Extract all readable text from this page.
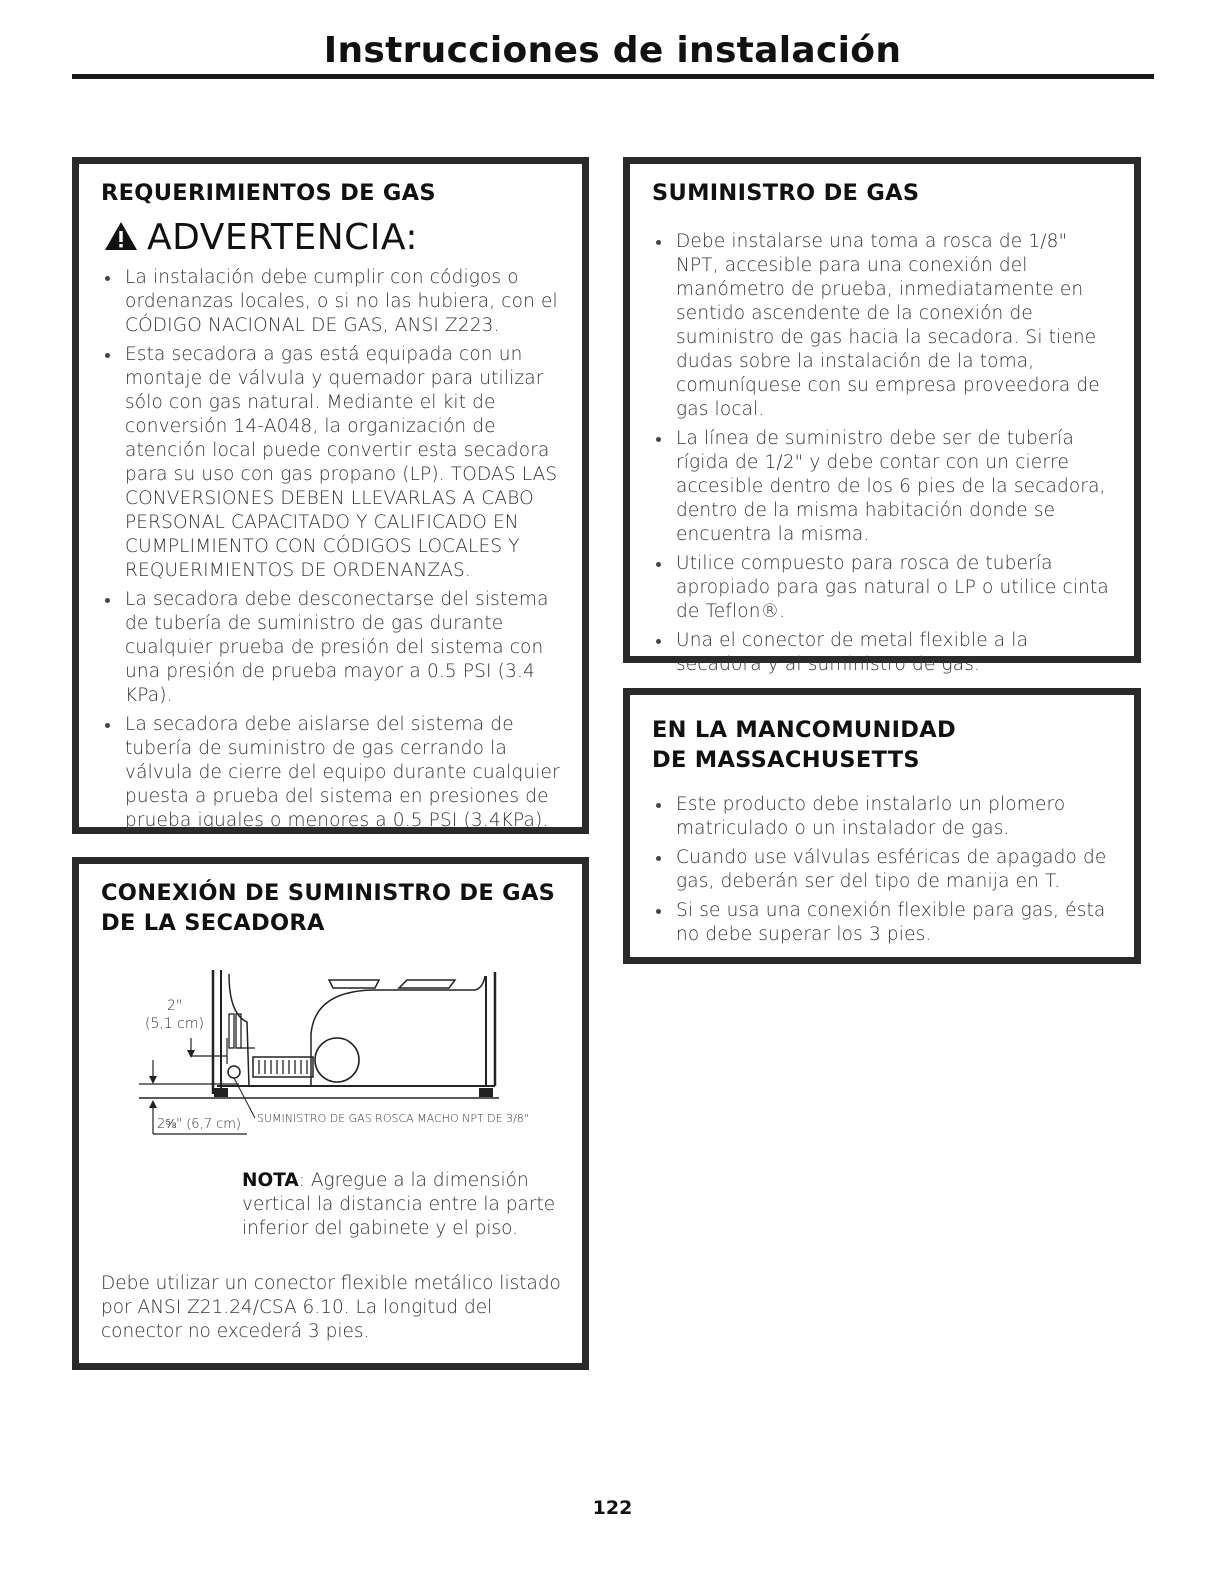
Instrucciones de instalación
REQUERIMIENTOS DE GAS
ADVERTENCIA:
La instalación debe cumplir con códigos o ordenanzas locales, o si no las hubiera, con el CÓDIGO NACIONAL DE GAS, ANSI Z223.
Esta secadora a gas está equipada con un montaje de válvula y quemador para utilizar sólo con gas natural. Mediante el kit de conversión 14-A048, la organización de atención local puede convertir esta secadora para su uso con gas propano (LP). TODAS LAS CONVERSIONES DEBEN LLEVARLAS A CABO PERSONAL CAPACITADO Y CALIFICADO EN CUMPLIMIENTO CON CÓDIGOS LOCALES Y REQUERIMIENTOS DE ORDENANZAS.
La secadora debe desconectarse del sistema de tubería de suministro de gas durante cualquier prueba de presión del sistema con una presión de prueba mayor a 0.5 PSI (3.4 KPa).
La secadora debe aislarse del sistema de tubería de suministro de gas cerrando la válvula de cierre del equipo durante cualquier puesta a prueba del sistema en presiones de prueba iguales o menores a 0.5 PSI (3.4KPa).
CONEXIÓN DE SUMINISTRO DE GAS
DE LA SECADORA
2"
(5,1 cm)
2⅝" (6,7 cm) SUMINISTRO DE GAS ROSCA MACHO NPT DE 3/8"
NOTA: Agregue a la dimensión vertical la distancia entre la parte inferior del gabinete y el piso.
Debe utilizar un conector flexible metálico listado por ANSI Z21.24/CSA 6.10. La longitud del conector no excederá 3 pies.
SUMINISTRO DE GAS
Debe instalarse una toma a rosca de 1/8" NPT, accesible para una conexión del manómetro de prueba, inmediatamente en sentido ascendente de la conexión de suministro de gas hacia la secadora. Si tiene dudas sobre la instalación de la toma, comuníquese con su empresa proveedora de gas local.
La línea de suministro debe ser de tubería rígida de 1/2" y debe contar con un cierre accesible dentro de los 6 pies de la secadora, dentro de la misma habitación donde se encuentra la misma.
Utilice compuesto para rosca de tubería apropiado para gas natural o LP o utilice cinta de Teflon®.
Una el conector de metal flexible a la secadora y al suministro de gas.
EN LA MANCOMUNIDAD
DE MASSACHUSETTS
Este producto debe instalarlo un plomero matriculado o un instalador de gas.
Cuando use válvulas esféricas de apagado de gas, deberán ser del tipo de manija en T.
Si se usa una conexión flexible para gas, ésta no debe superar los 3 pies.
122
